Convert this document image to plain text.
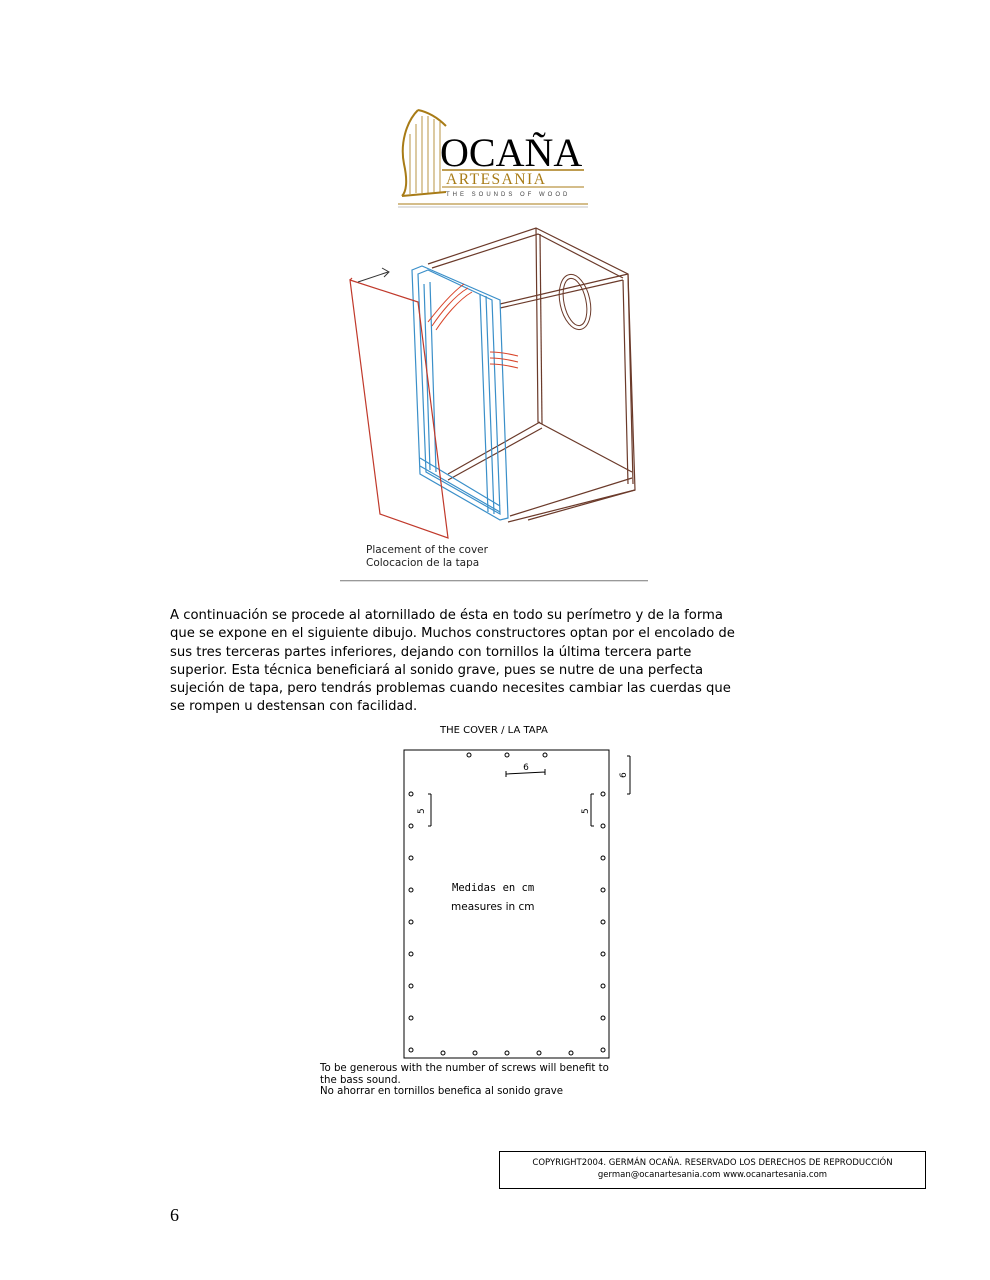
OCAÑA
ARTESANIA
THE SOUNDS OF WOOD
Placement of the cover
Colocacion de la tapa
A continuación se procede al atornillado de ésta en todo su perímetro y de la forma
que se expone en el siguiente dibujo. Muchos constructores optan por el encolado de
sus tres terceras partes inferiores, dejando con tornillos la última tercera parte
superior. Esta técnica beneficiará al sonido grave, pues se nutre de una perfecta
sujeción de tapa, pero tendrás problemas cuando necesites cambiar las cuerdas que
se rompen u destensan con facilidad.
THE COVER / LA TAPA
6
5	5
6
Medidas en cm
measures in cm
To be generous with the number of screws will benefit to
the bass sound.
No ahorrar en tornillos benefica al sonido grave
COPYRIGHT2004. GERMÁN OCAÑA. RESERVADO LOS DERECHOS DE REPRODUCCIÓN
german@ocanartesania.com www.ocanartesania.com
6
